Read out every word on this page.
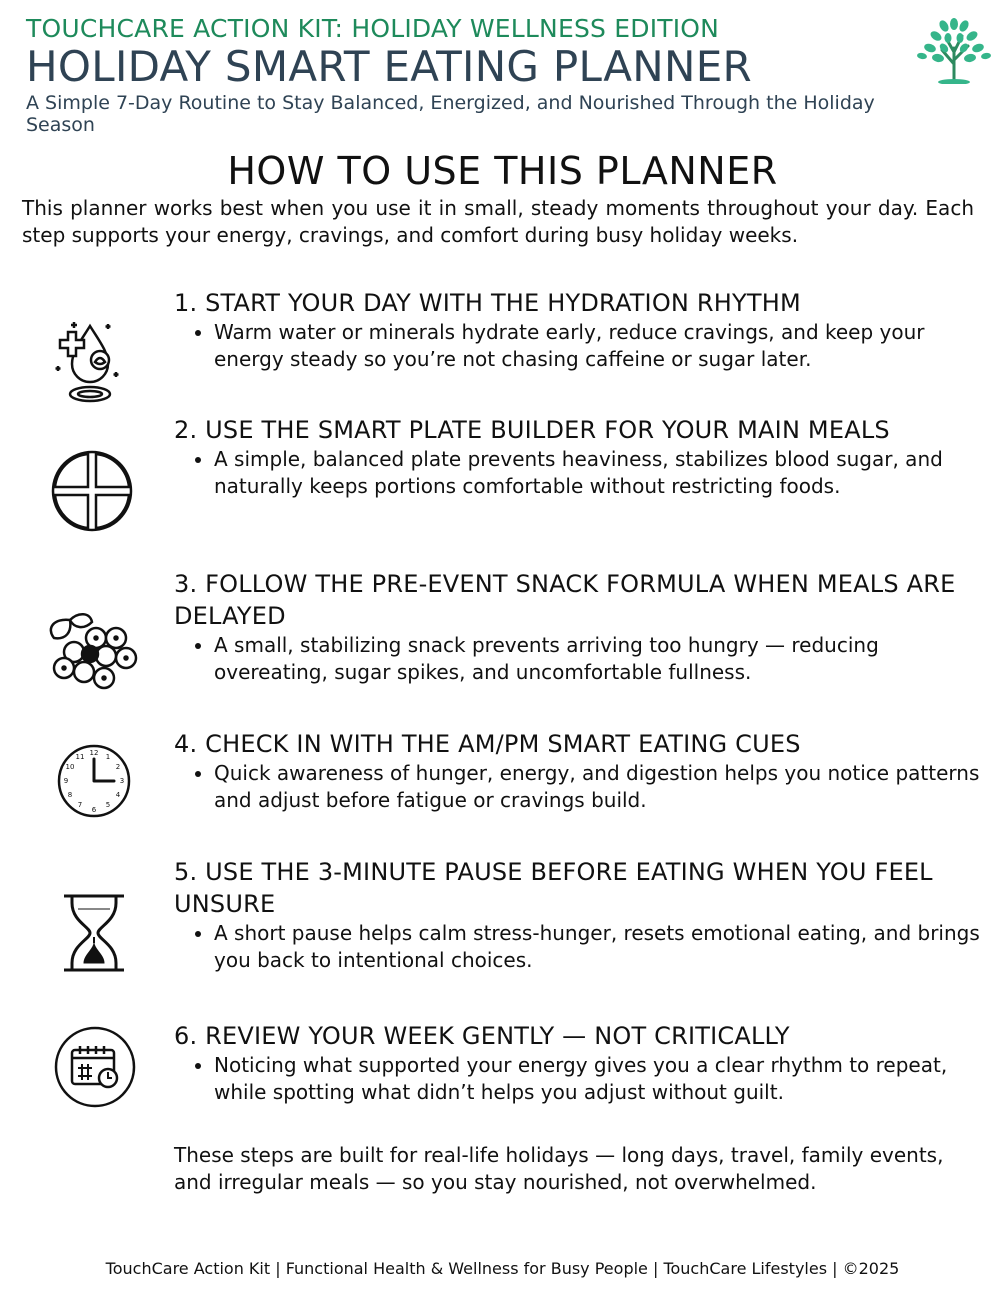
TOUCHCARE ACTION KIT: HOLIDAY WELLNESS EDITION
HOLIDAY SMART EATING PLANNER
A Simple 7-Day Routine to Stay Balanced, Energized, and Nourished Through the Holiday Season
HOW TO USE THIS PLANNER
This planner works best when you use it in small, steady moments throughout your day. Each step supports your energy, cravings, and comfort during busy holiday weeks.
1. START YOUR DAY WITH THE HYDRATION RHYTHM
• Warm water or minerals hydrate early, reduce cravings, and keep your energy steady so you’re not chasing caffeine or sugar later.
2. USE THE SMART PLATE BUILDER FOR YOUR MAIN MEALS
• A simple, balanced plate prevents heaviness, stabilizes blood sugar, and naturally keeps portions comfortable without restricting foods.
3. FOLLOW THE PRE-EVENT SNACK FORMULA WHEN MEALS ARE DELAYED
• A small, stabilizing snack prevents arriving too hungry — reducing overeating, sugar spikes, and uncomfortable fullness.
12 1
2
3
4
5
6
7
8
9
10
11	4. CHECK IN WITH THE AM/PM SMART EATING CUES
• Quick awareness of hunger, energy, and digestion helps you notice patterns and adjust before fatigue or cravings build.
5. USE THE 3-MINUTE PAUSE BEFORE EATING WHEN YOU FEEL UNSURE
• A short pause helps calm stress-hunger, resets emotional eating, and brings you back to intentional choices.
6. REVIEW YOUR WEEK GENTLY — NOT CRITICALLY
• Noticing what supported your energy gives you a clear rhythm to repeat, while spotting what didn’t helps you adjust without guilt.
These steps are built for real-life holidays — long days, travel, family events, and irregular meals — so you stay nourished, not overwhelmed.
TouchCare Action Kit | Functional Health & Wellness for Busy People | TouchCare Lifestyles | ©2025
